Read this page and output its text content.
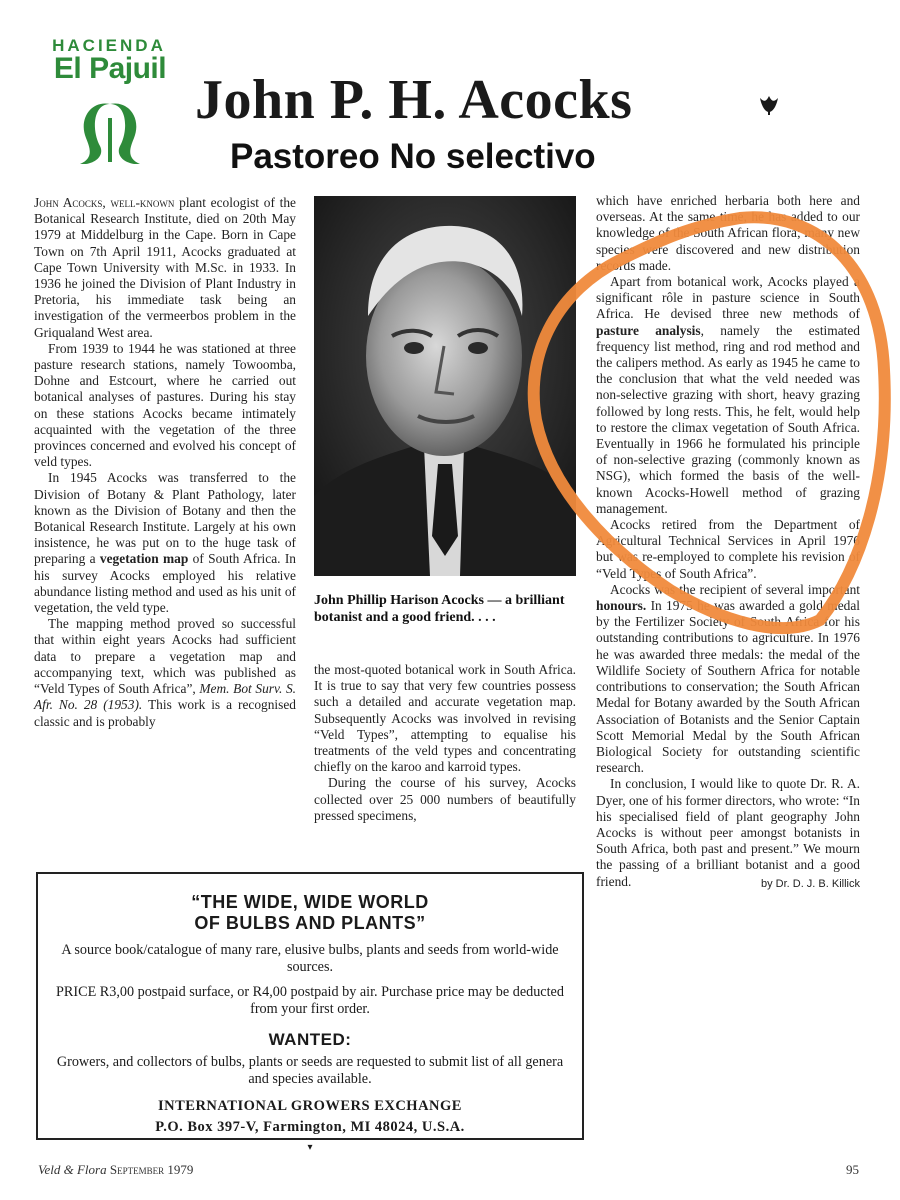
HACIENDA
El Pajuil
John P. H. Acocks
Pastoreo No selectivo

John Acocks, well-known plant ecologist of the Botanical Research Institute, died on 20th May 1979 at Middelburg in the Cape. Born in Cape Town on 7th April 1911, Acocks graduated at Cape Town University with M.Sc. in 1933. In 1936 he joined the Division of Plant Industry in Pretoria, his immediate task being an investigation of the vermeerbos problem in the Griqualand West area.

From 1939 to 1944 he was stationed at three pasture research stations, namely Towoomba, Dohne and Estcourt, where he carried out botanical analyses of pastures. During his stay on these stations Acocks became intimately acquainted with the vegetation of the three provinces concerned and evolved his concept of veld types.

In 1945 Acocks was transferred to the Division of Botany & Plant Pathology, later known as the Division of Botany and then the Botanical Research Institute. Largely at his own insistence, he was put on to the huge task of preparing a vegetation map of South Africa. In his survey Acocks employed his relative abundance listing method and used as his unit of vegetation, the veld type.

The mapping method proved so successful that within eight years Acocks had sufficient data to prepare a vegetation map and accompanying text, which was published as “Veld Types of South Africa”, Mem. Bot Surv. S. Afr. No. 28 (1953). This work is a recognised classic and is probably

John Phillip Harison Acocks — a brilliant botanist and a good friend. . . .

the most-quoted botanical work in South Africa. It is true to say that very few countries possess such a detailed and accurate vegetation map. Subsequently Acocks was involved in revising “Veld Types”, attempting to equalise his treatments of the veld types and concentrating chiefly on the karoo and karroid types.

During the course of his survey, Acocks collected over 25 000 numbers of beautifully pressed specimens,

which have enriched herbaria both here and overseas. At the same time, he has added to our knowledge of the South African flora; many new species were discovered and new distribution records made.

Apart from botanical work, Acocks played a significant rôle in pasture science in South Africa. He devised three new methods of pasture analysis, namely the estimated frequency list method, ring and rod method and the calipers method. As early as 1945 he came to the conclusion that what the veld needed was non-selective grazing with short, heavy grazing followed by long rests. This, he felt, would help to restore the climax vegetation of South Africa. Eventually in 1966 he formulated his principle of non-selective grazing (commonly known as NSG), which formed the basis of the well-known Acocks-Howell method of grazing management.

Acocks retired from the Department of Agricultural Technical Services in April 1976 but was re-employed to complete his revision of “Veld Types of South Africa”.

Acocks was the recipient of several important honours. In 1975 he was awarded a gold medal by the Fertilizer Society of South Africa for his outstanding contributions to agriculture. In 1976 he was awarded three medals: the medal of the Wildlife Society of Southern Africa for notable contributions to conservation; the South African Medal for Botany awarded by the South African Association of Botanists and the Senior Captain Scott Memorial Medal by the South African Biological Society for outstanding scientific research.

In conclusion, I would like to quote Dr. R. A. Dyer, one of his former directors, who wrote: “In his specialised field of plant geography John Acocks is without peer amongst botanists in South Africa, both past and present.” We mourn the passing of a brilliant botanist and a good friend.	by Dr. D. J. B. Killick
“THE WIDE, WIDE WORLD
OF BULBS AND PLANTS”
A source book/catalogue of many rare, elusive bulbs, plants and seeds from world-wide sources.
PRICE R3,00 postpaid surface, or R4,00 postpaid by air. Purchase price may be deducted from your first order.
WANTED:
Growers, and collectors of bulbs, plants or seeds are requested to submit list of all genera and species available.
INTERNATIONAL GROWERS EXCHANGE
P.O. Box 397-V, Farmington, MI 48024, U.S.A.
▾
Veld & Flora September 1979	95
